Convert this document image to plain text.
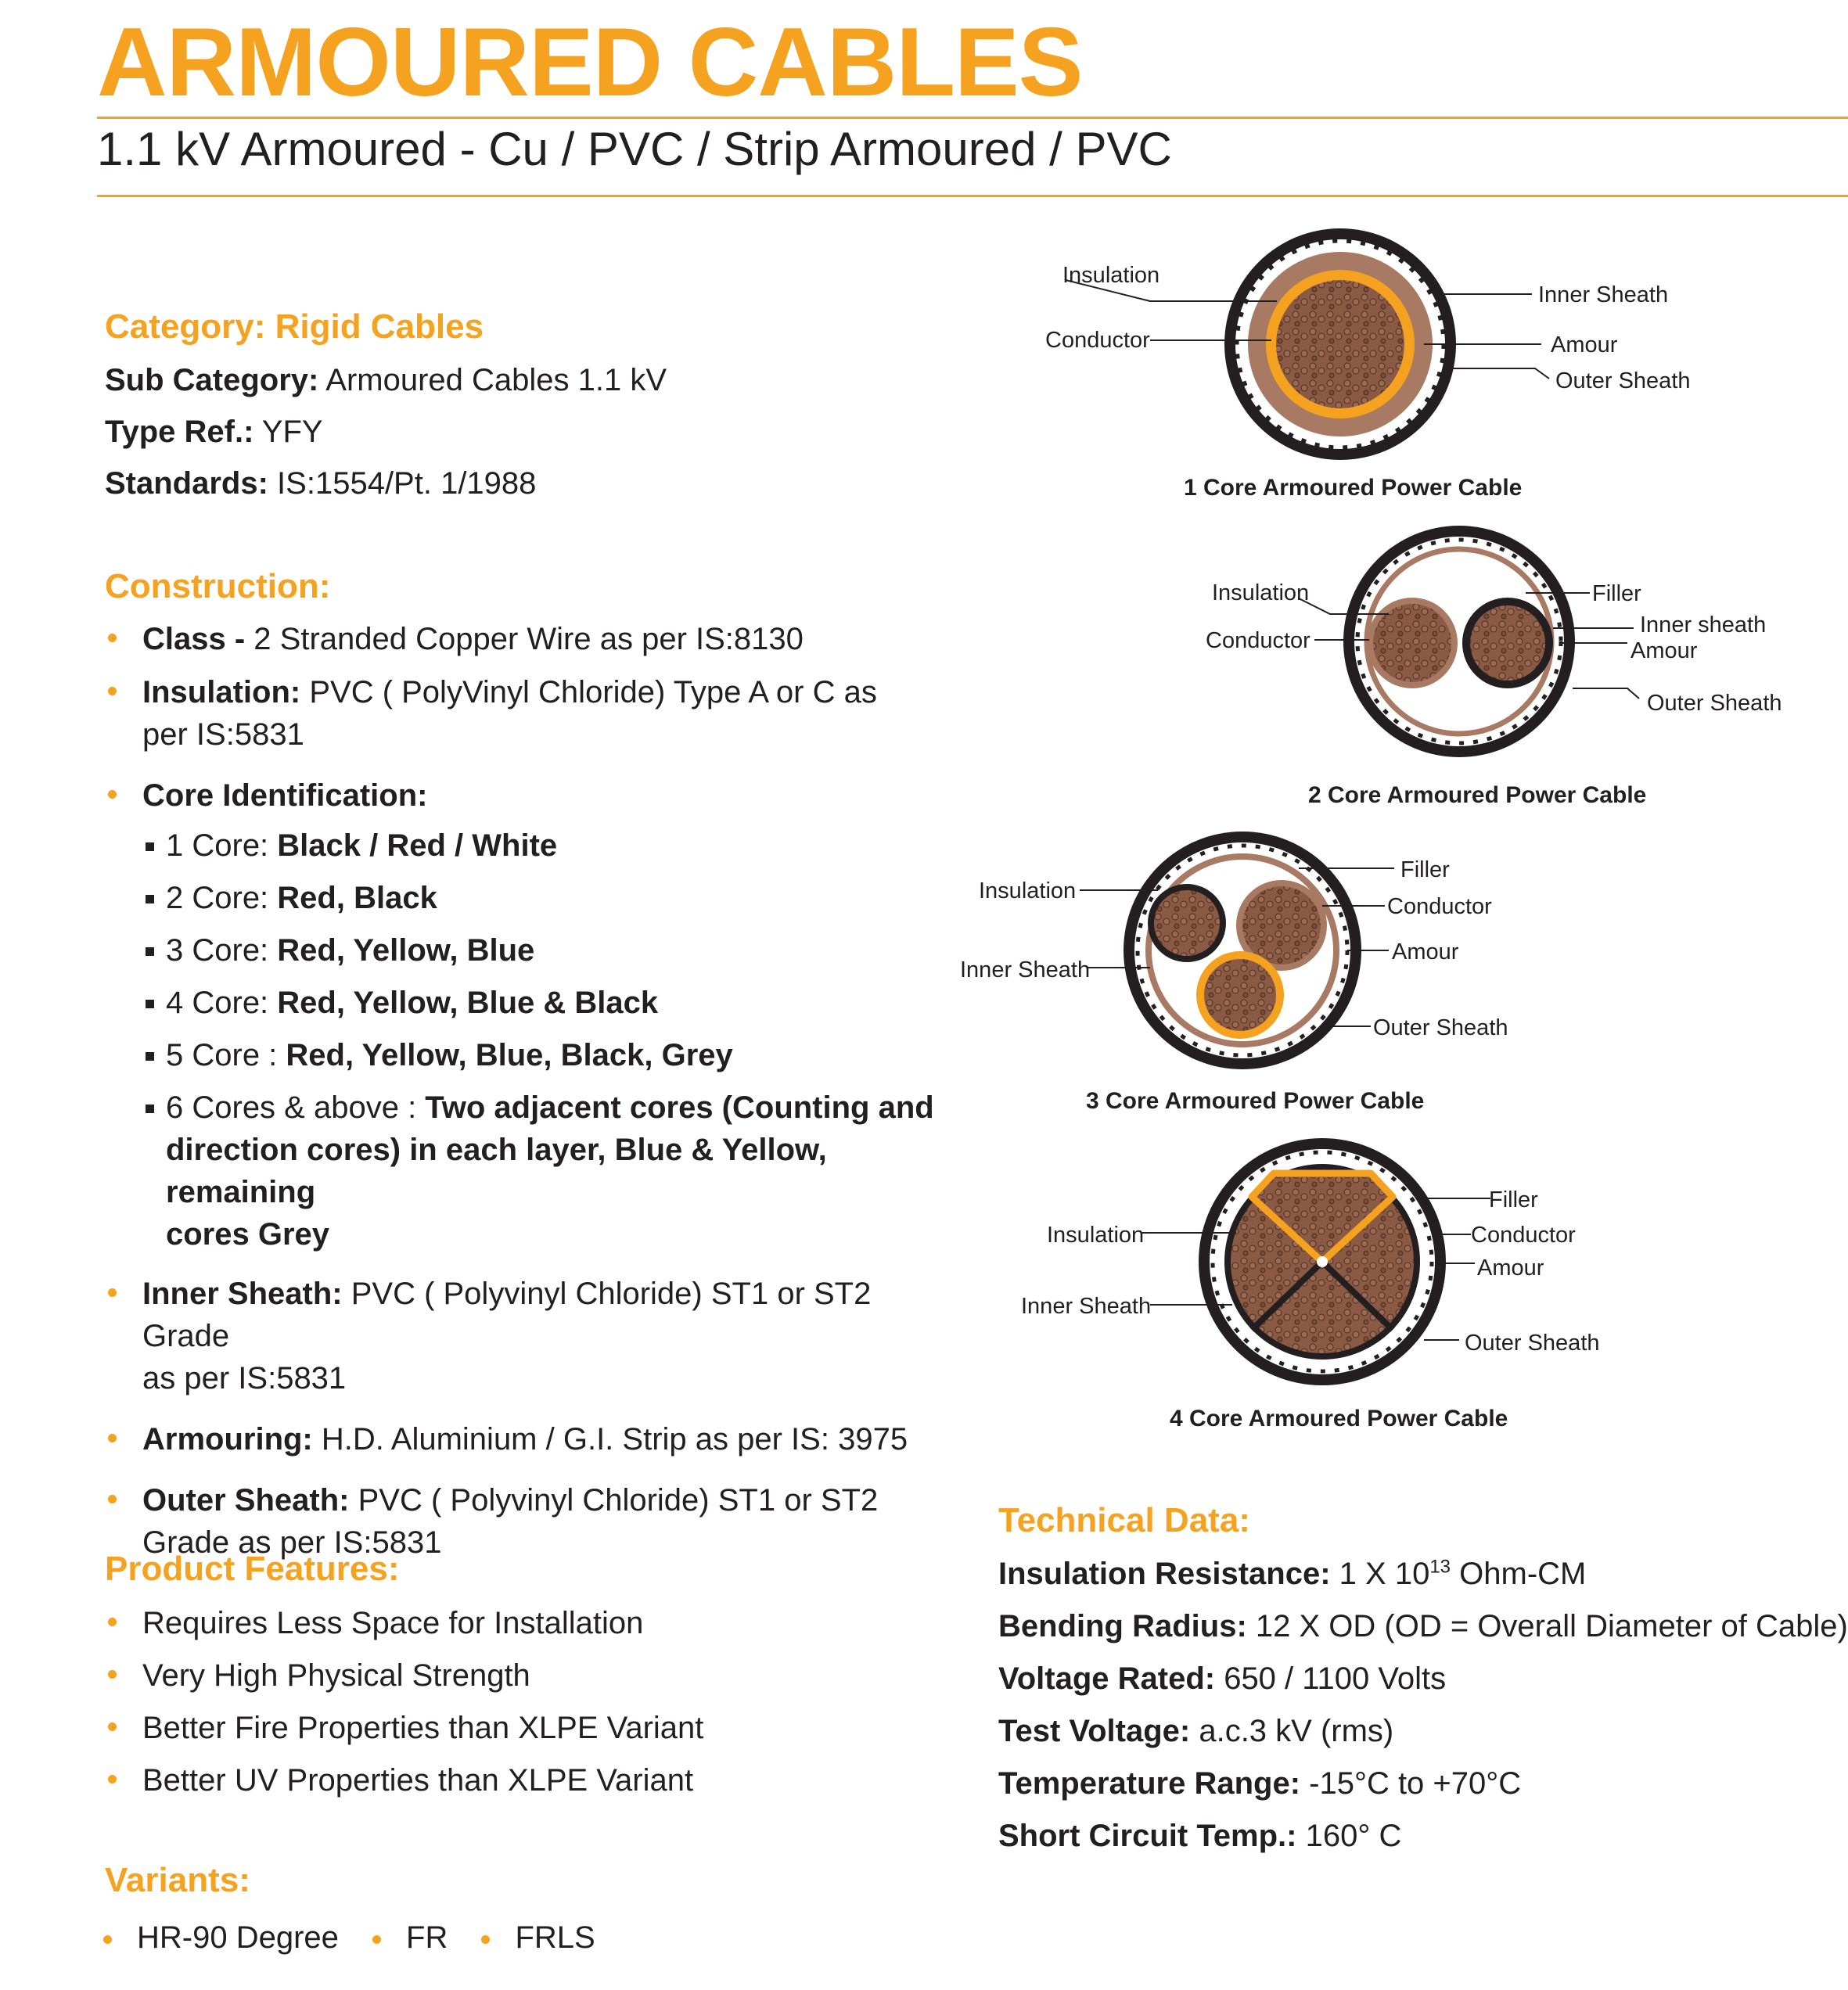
ARMOURED CABLES
1.1 kV Armoured - Cu / PVC / Strip Armoured / PVC
Category: Rigid Cables
Sub Category: Armoured Cables 1.1 kV
Type Ref.: YFY
Standards: IS:1554/Pt. 1/1988
Construction:
Class - 2 Stranded Copper Wire as per IS:8130
Insulation: PVC ( PolyVinyl Chloride) Type A or C as
per IS:5831
Core Identification:
1 Core: Black / Red / White
2 Core: Red, Black
3 Core: Red, Yellow, Blue
4 Core: Red, Yellow, Blue & Black
5 Core : Red, Yellow, Blue, Black, Grey
6 Cores & above : Two adjacent cores (Counting and
direction cores) in each layer, Blue & Yellow, remaining
cores Grey
Inner Sheath: PVC ( Polyvinyl Chloride) ST1 or ST2 Grade
as per IS:5831
Armouring: H.D. Aluminium / G.I. Strip as per IS: 3975
Outer Sheath: PVC ( Polyvinyl Chloride) ST1 or ST2
Grade as per IS:5831
Product Features:
Requires Less Space for Installation
Very High Physical Strength
Better Fire Properties than XLPE Variant
Better UV Properties than XLPE Variant
Variants:
HR-90 Degree FR FRLS
Insulation
Conductor
Inner Sheath
Amour
Outer Sheath
Insulation
Conductor
Filler
Inner sheath
Amour
Outer Sheath
Insulation
Inner Sheath
Filler
Conductor
Amour
Outer Sheath
Insulation
Inner Sheath
Filler
Conductor
Amour
Outer Sheath
1 Core Armoured Power Cable
2 Core Armoured Power Cable
3 Core Armoured Power Cable
4 Core Armoured Power Cable
Technical Data:
Insulation Resistance: 1 X $10^{13}$ Ohm-CM
Bending Radius: 12 X OD (OD = Overall Diameter of Cable)
Voltage Rated: 650 / 1100 Volts
Test Voltage: a.c.3 kV (rms)
Temperature Range: -15°C to +70°C
Short Circuit Temp.: 160° C
